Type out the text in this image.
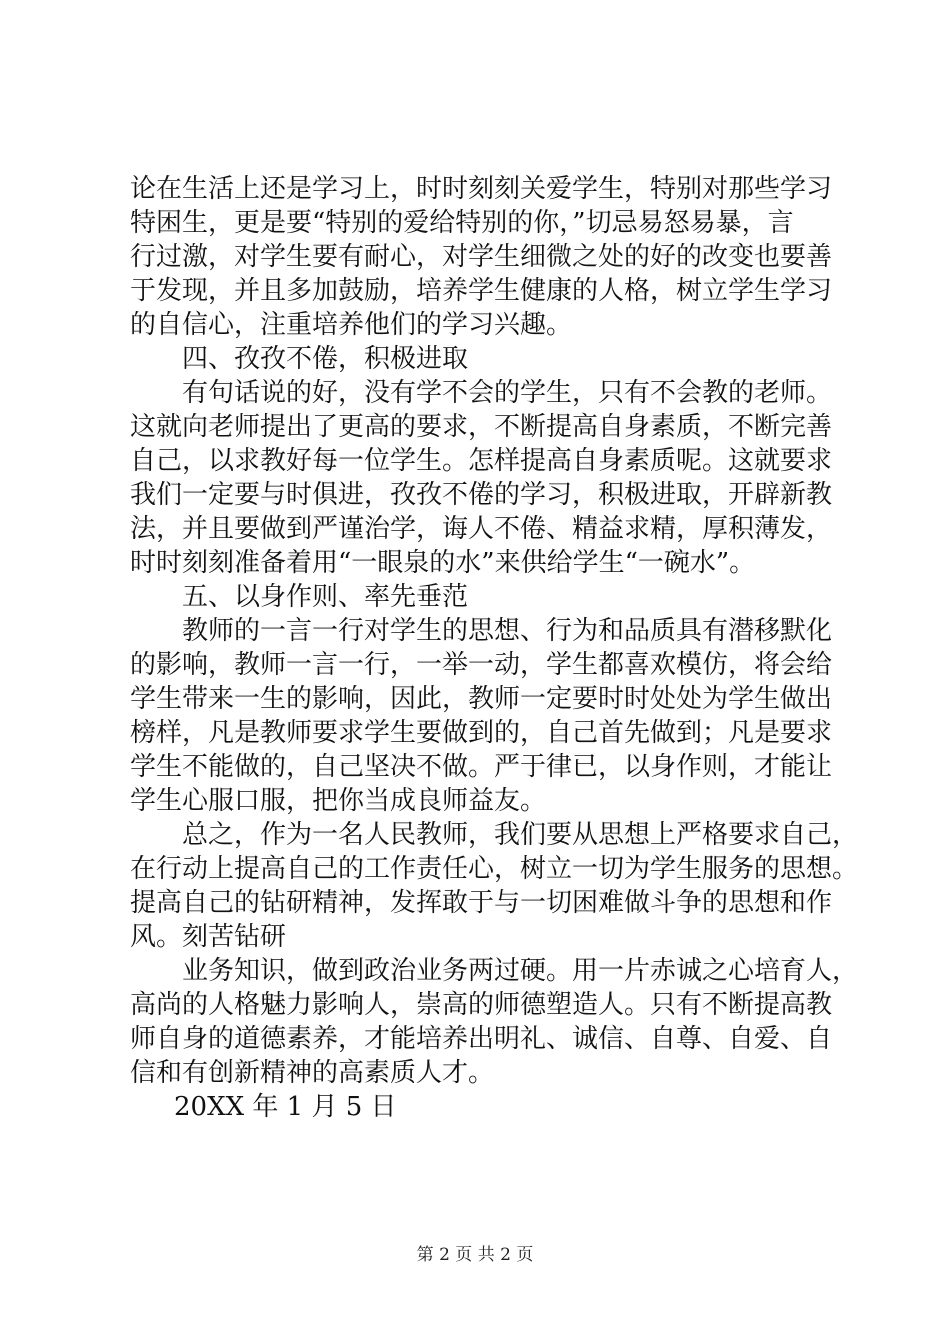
论在生活上还是学习上，时时刻刻关爱学生，特别对那些学习
特困生，更是要“特别的爱给特别的你，”切忌易怒易暴，言
行过激，对学生要有耐心，对学生细微之处的好的改变也要善
于发现，并且多加鼓励，培养学生健康的人格，树立学生学习
的自信心，注重培养他们的学习兴趣。
四、孜孜不倦，积极进取
有句话说的好，没有学不会的学生，只有不会教的老师。
这就向老师提出了更高的要求，不断提高自身素质，不断完善
自己，以求教好每一位学生。怎样提高自身素质呢。这就要求
我们一定要与时俱进，孜孜不倦的学习，积极进取，开辟新教
法，并且要做到严谨治学，诲人不倦、精益求精，厚积薄发，
时时刻刻准备着用“一眼泉的水”来供给学生“一碗水”。
五、以身作则、率先垂范
教师的一言一行对学生的思想、行为和品质具有潜移默化
的影响，教师一言一行，一举一动，学生都喜欢模仿，将会给
学生带来一生的影响，因此，教师一定要时时处处为学生做出
榜样，凡是教师要求学生要做到的，自己首先做到；凡是要求
学生不能做的，自己坚决不做。严于律已，以身作则，才能让
学生心服口服，把你当成良师益友。
总之，作为一名人民教师，我们要从思想上严格要求自己，
在行动上提高自己的工作责任心，树立一切为学生服务的思想。
提高自己的钻研精神，发挥敢于与一切困难做斗争的思想和作
风。刻苦钻研
业务知识，做到政治业务两过硬。用一片赤诚之心培育人，
高尚的人格魅力影响人，崇高的师德塑造人。只有不断提高教
师自身的道德素养，才能培养出明礼、诚信、自尊、自爱、自
信和有创新精神的高素质人才。
20XX 年 1 月 5 日
第 2 页 共 2 页
